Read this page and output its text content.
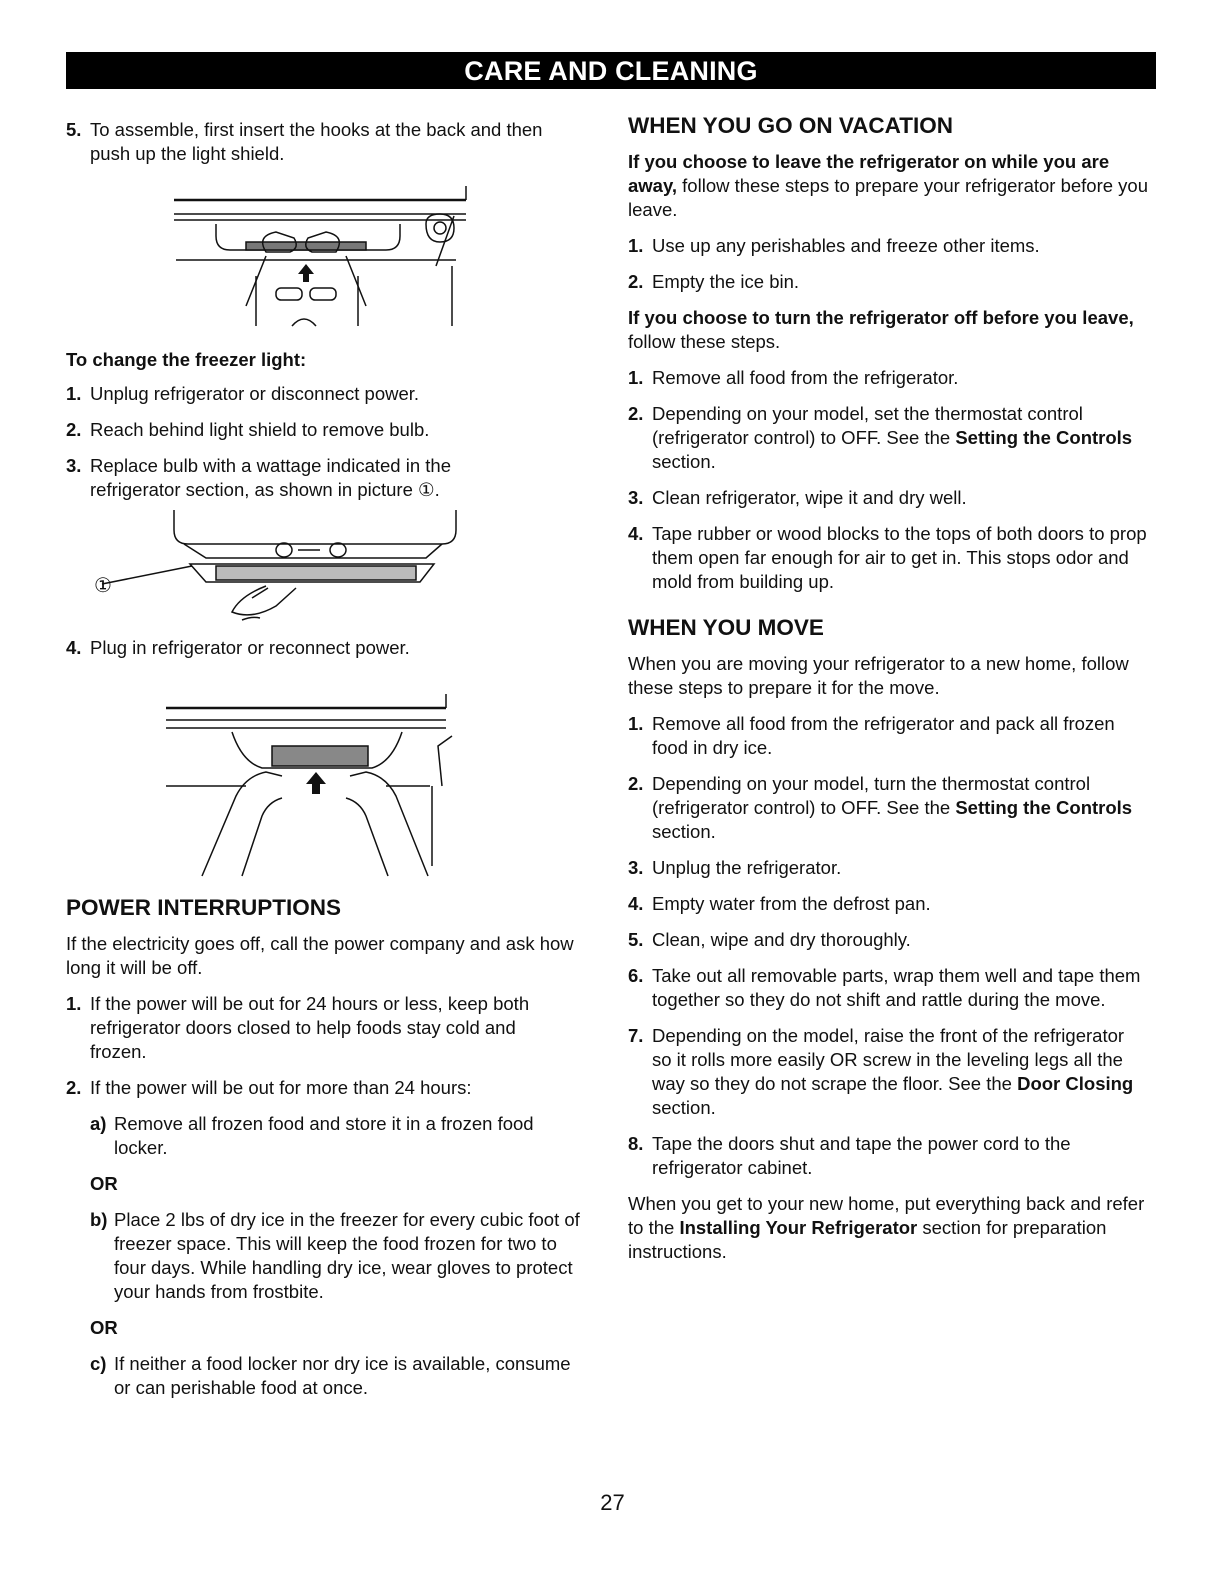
CARE AND CLEANING

5. To assemble, first insert the hooks at the back and then push up the light shield.

To change the freezer light:

1. Unplug refrigerator or disconnect power.

2. Reach behind light shield to remove bulb.

3. Replace bulb with a wattage indicated in the refrigerator section, as shown in picture ①.

①

4. Plug in refrigerator or reconnect power.

POWER INTERRUPTIONS

If the electricity goes off, call the power company and ask how long it will be off.

1. If the power will be out for 24 hours or less, keep both refrigerator doors closed to help foods stay cold and frozen.

2. If the power will be out for more than 24 hours:

a) Remove all frozen food and store it in a frozen food locker.

OR

b) Place 2 lbs of dry ice in the freezer for every cubic foot of freezer space. This will keep the food frozen for two to four days. While handling dry ice, wear gloves to protect your hands from frostbite.

OR

c) If neither a food locker nor dry ice is available, consume or can perishable food at once.

WHEN YOU GO ON VACATION

If you choose to leave the refrigerator on while you are away, follow these steps to prepare your refrigerator before you leave.

1. Use up any perishables and freeze other items.

2. Empty the ice bin.

If you choose to turn the refrigerator off before you leave, follow these steps.

1. Remove all food from the refrigerator.

2. Depending on your model, set the thermostat control (refrigerator control) to OFF. See the Setting the Controls section.

3. Clean refrigerator, wipe it and dry well.

4. Tape rubber or wood blocks to the tops of both doors to prop them open far enough for air to get in. This stops odor and mold from building up.

WHEN YOU MOVE

When you are moving your refrigerator to a new home, follow these steps to prepare it for the move.

1. Remove all food from the refrigerator and pack all frozen food in dry ice.

2. Depending on your model, turn the thermostat control (refrigerator control) to OFF. See the Setting the Controls section.

3. Unplug the refrigerator.

4. Empty water from the defrost pan.

5. Clean, wipe and dry thoroughly.

6. Take out all removable parts, wrap them well and tape them together so they do not shift and rattle during the move.

7. Depending on the model, raise the front of the refrigerator so it rolls more easily OR screw in the leveling legs all the way so they do not scrape the floor. See the Door Closing section.

8. Tape the doors shut and tape the power cord to the refrigerator cabinet.

When you get to your new home, put everything back and refer to the Installing Your Refrigerator section for preparation instructions.

27
